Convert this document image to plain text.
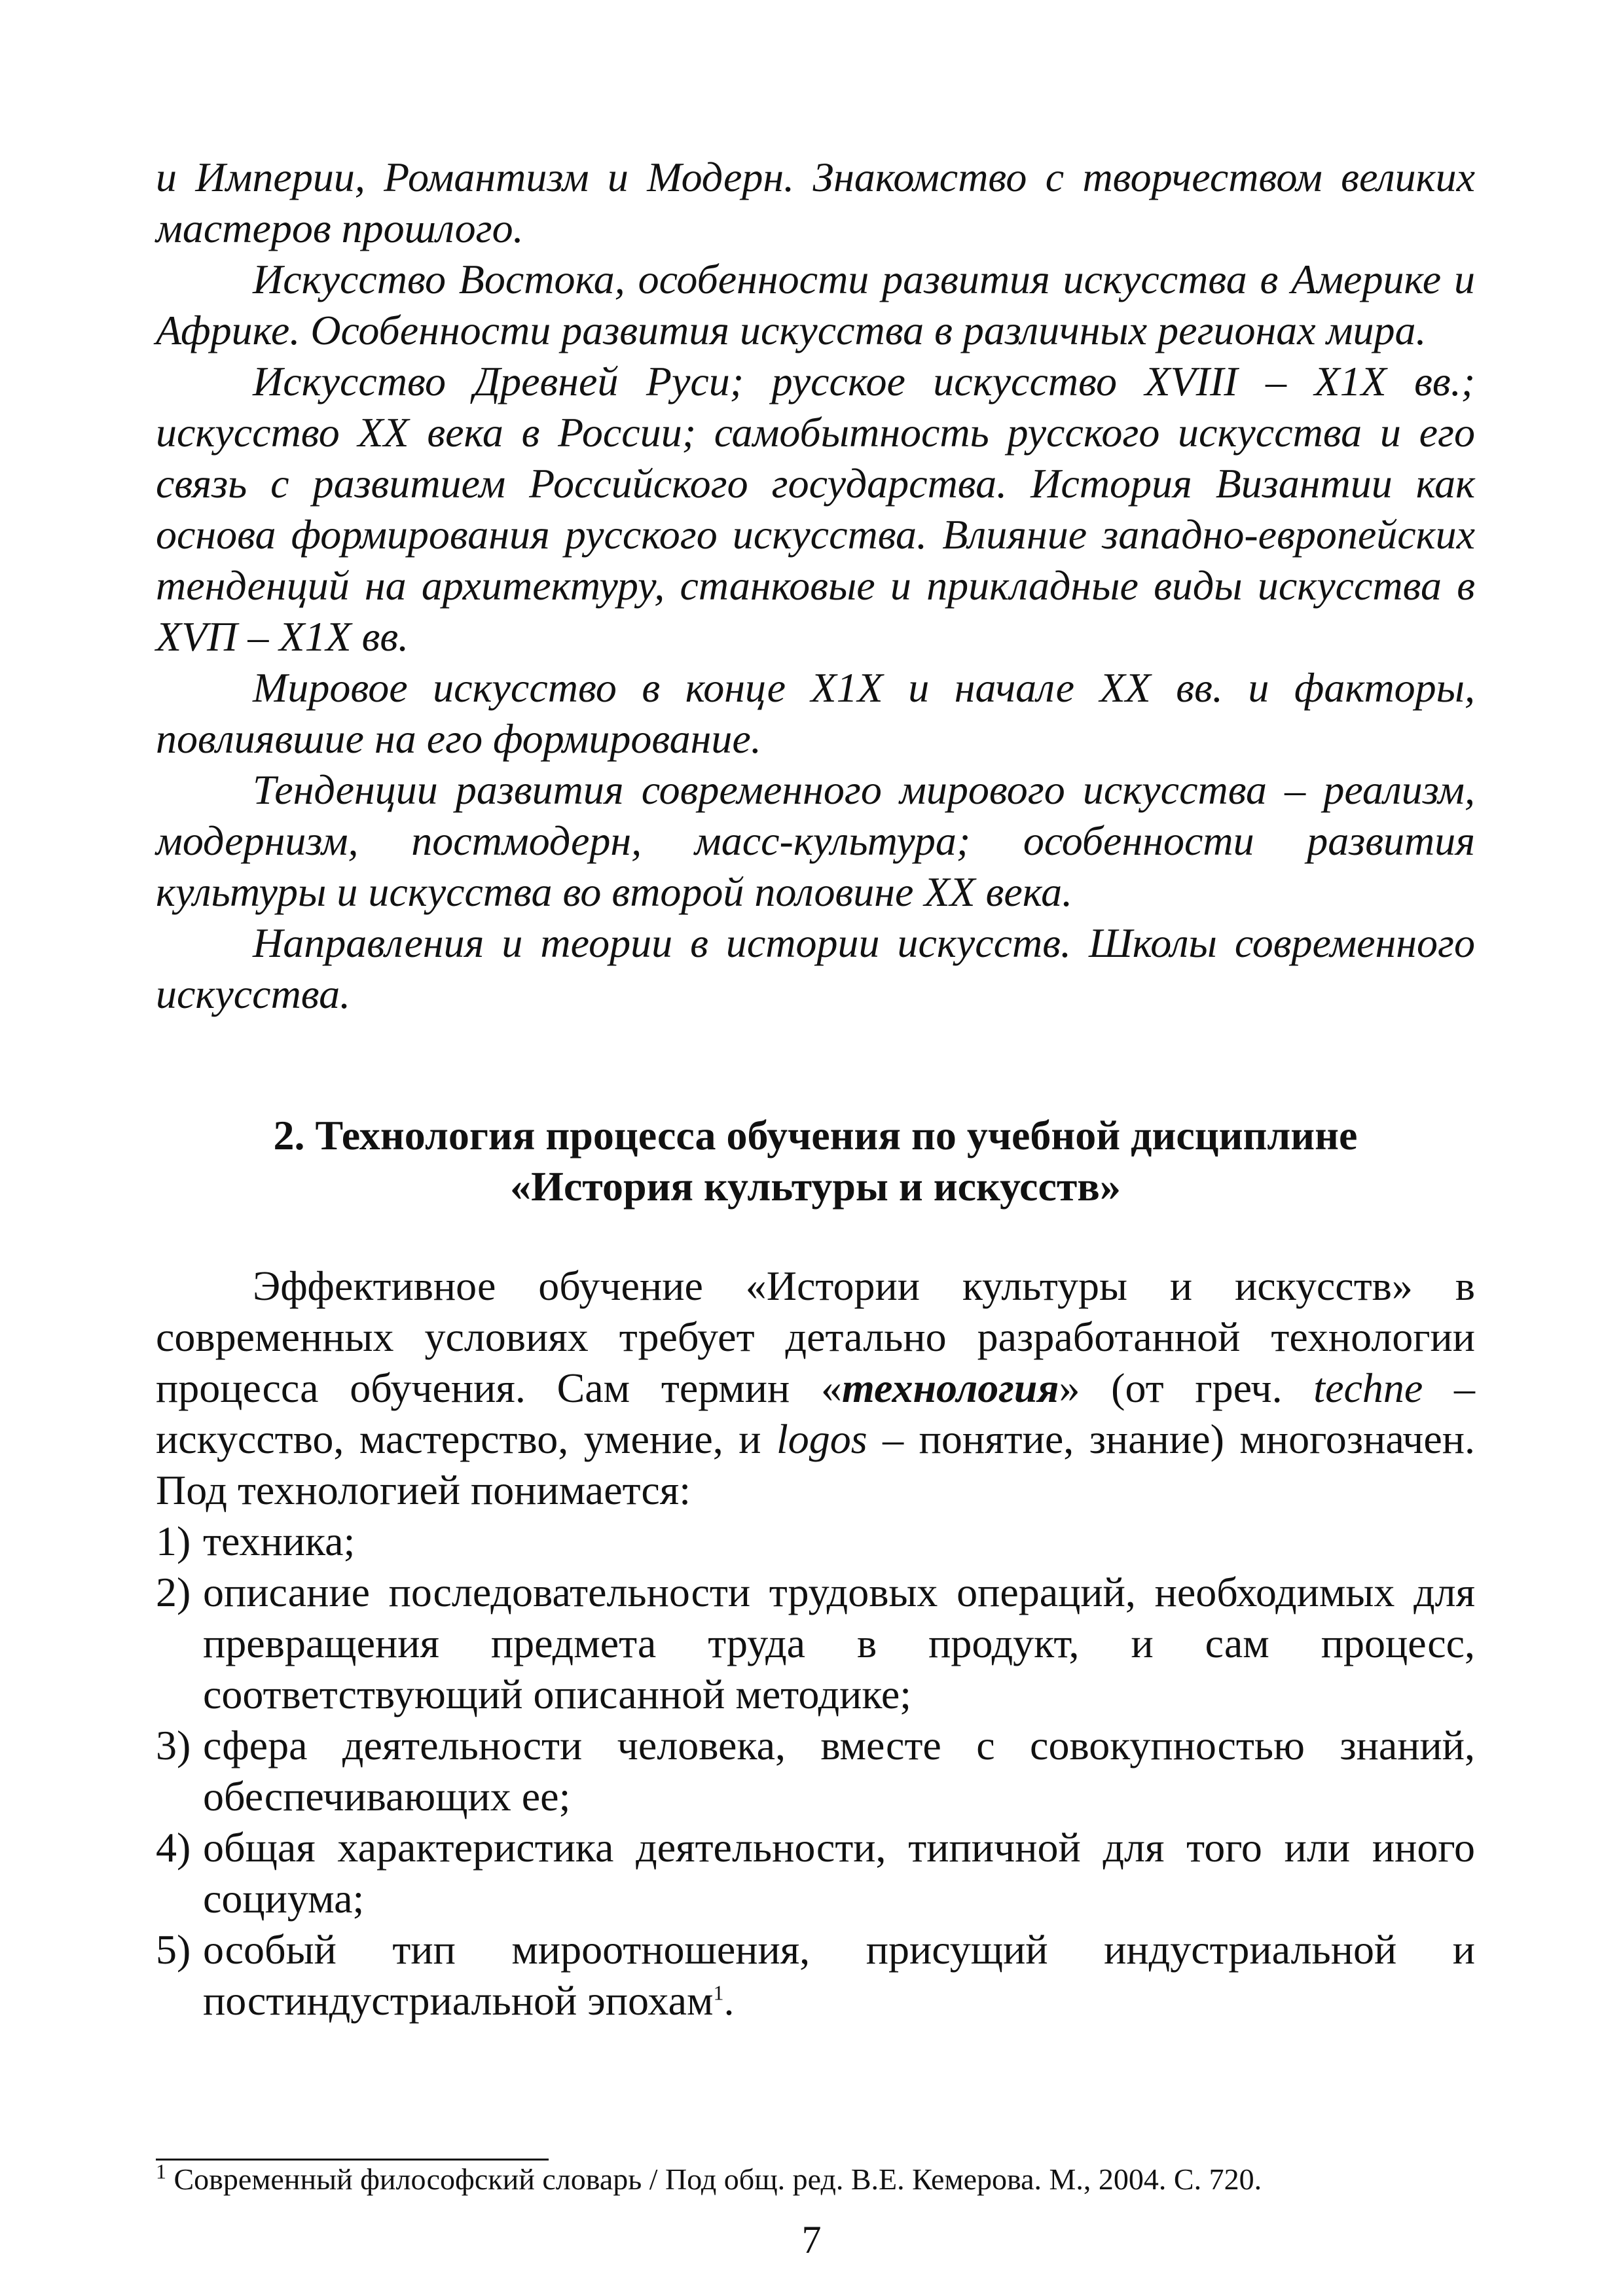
и Империи, Романтизм и Модерн. Знакомство с творчеством великих мастеров прошлого.

Искусство Востока, особенности развития искусства в Америке и Африке. Особенности развития искусства в различных регионах мира.

Искусство Древней Руси; русское искусство XVIII – X1X вв.; искусство XX века в России; самобытность русского искусства и его связь с развитием Российского государства. История Византии как основа формирования русского искусства. Влияние западно-европейских тенденций на архитектуру, станковые и прикладные виды искусства в XVП – X1X вв.

Мировое искусство в конце X1X и начале XX вв. и факторы, повлиявшие на его формирование.

Тенденции развития современного мирового искусства – реализм, модернизм, постмодерн, масс-культура; особенности развития культуры и искусства во второй половине XX века.

Направления и теории в истории искусств. Школы современного искусства.

2. Технология процесса обучения по учебной дисциплине
«История культуры и искусств»

Эффективное обучение «Истории культуры и искусств» в современных условиях требует детально разработанной технологии процесса обучения. Сам термин «технология» (от греч. techne – искусство, мастерство, умение, и logos – понятие, знание) многозначен. Под технологией понимается:

1) техника;
2) описание последовательности трудовых операций, необходимых для превращения предмета труда в продукт, и сам процесс, соответствующий описанной методике;
3) сфера деятельности человека, вместе с совокупностью знаний, обеспечивающих ее;
4) общая характеристика деятельности, типичной для того или иного социума;
5) особый тип мироотношения, присущий индустриальной и постиндустриальной эпохам$^1$.
$^1$ Современный философский словарь / Под общ. ред. В.Е. Кемерова. М., 2004. С. 720.
7
